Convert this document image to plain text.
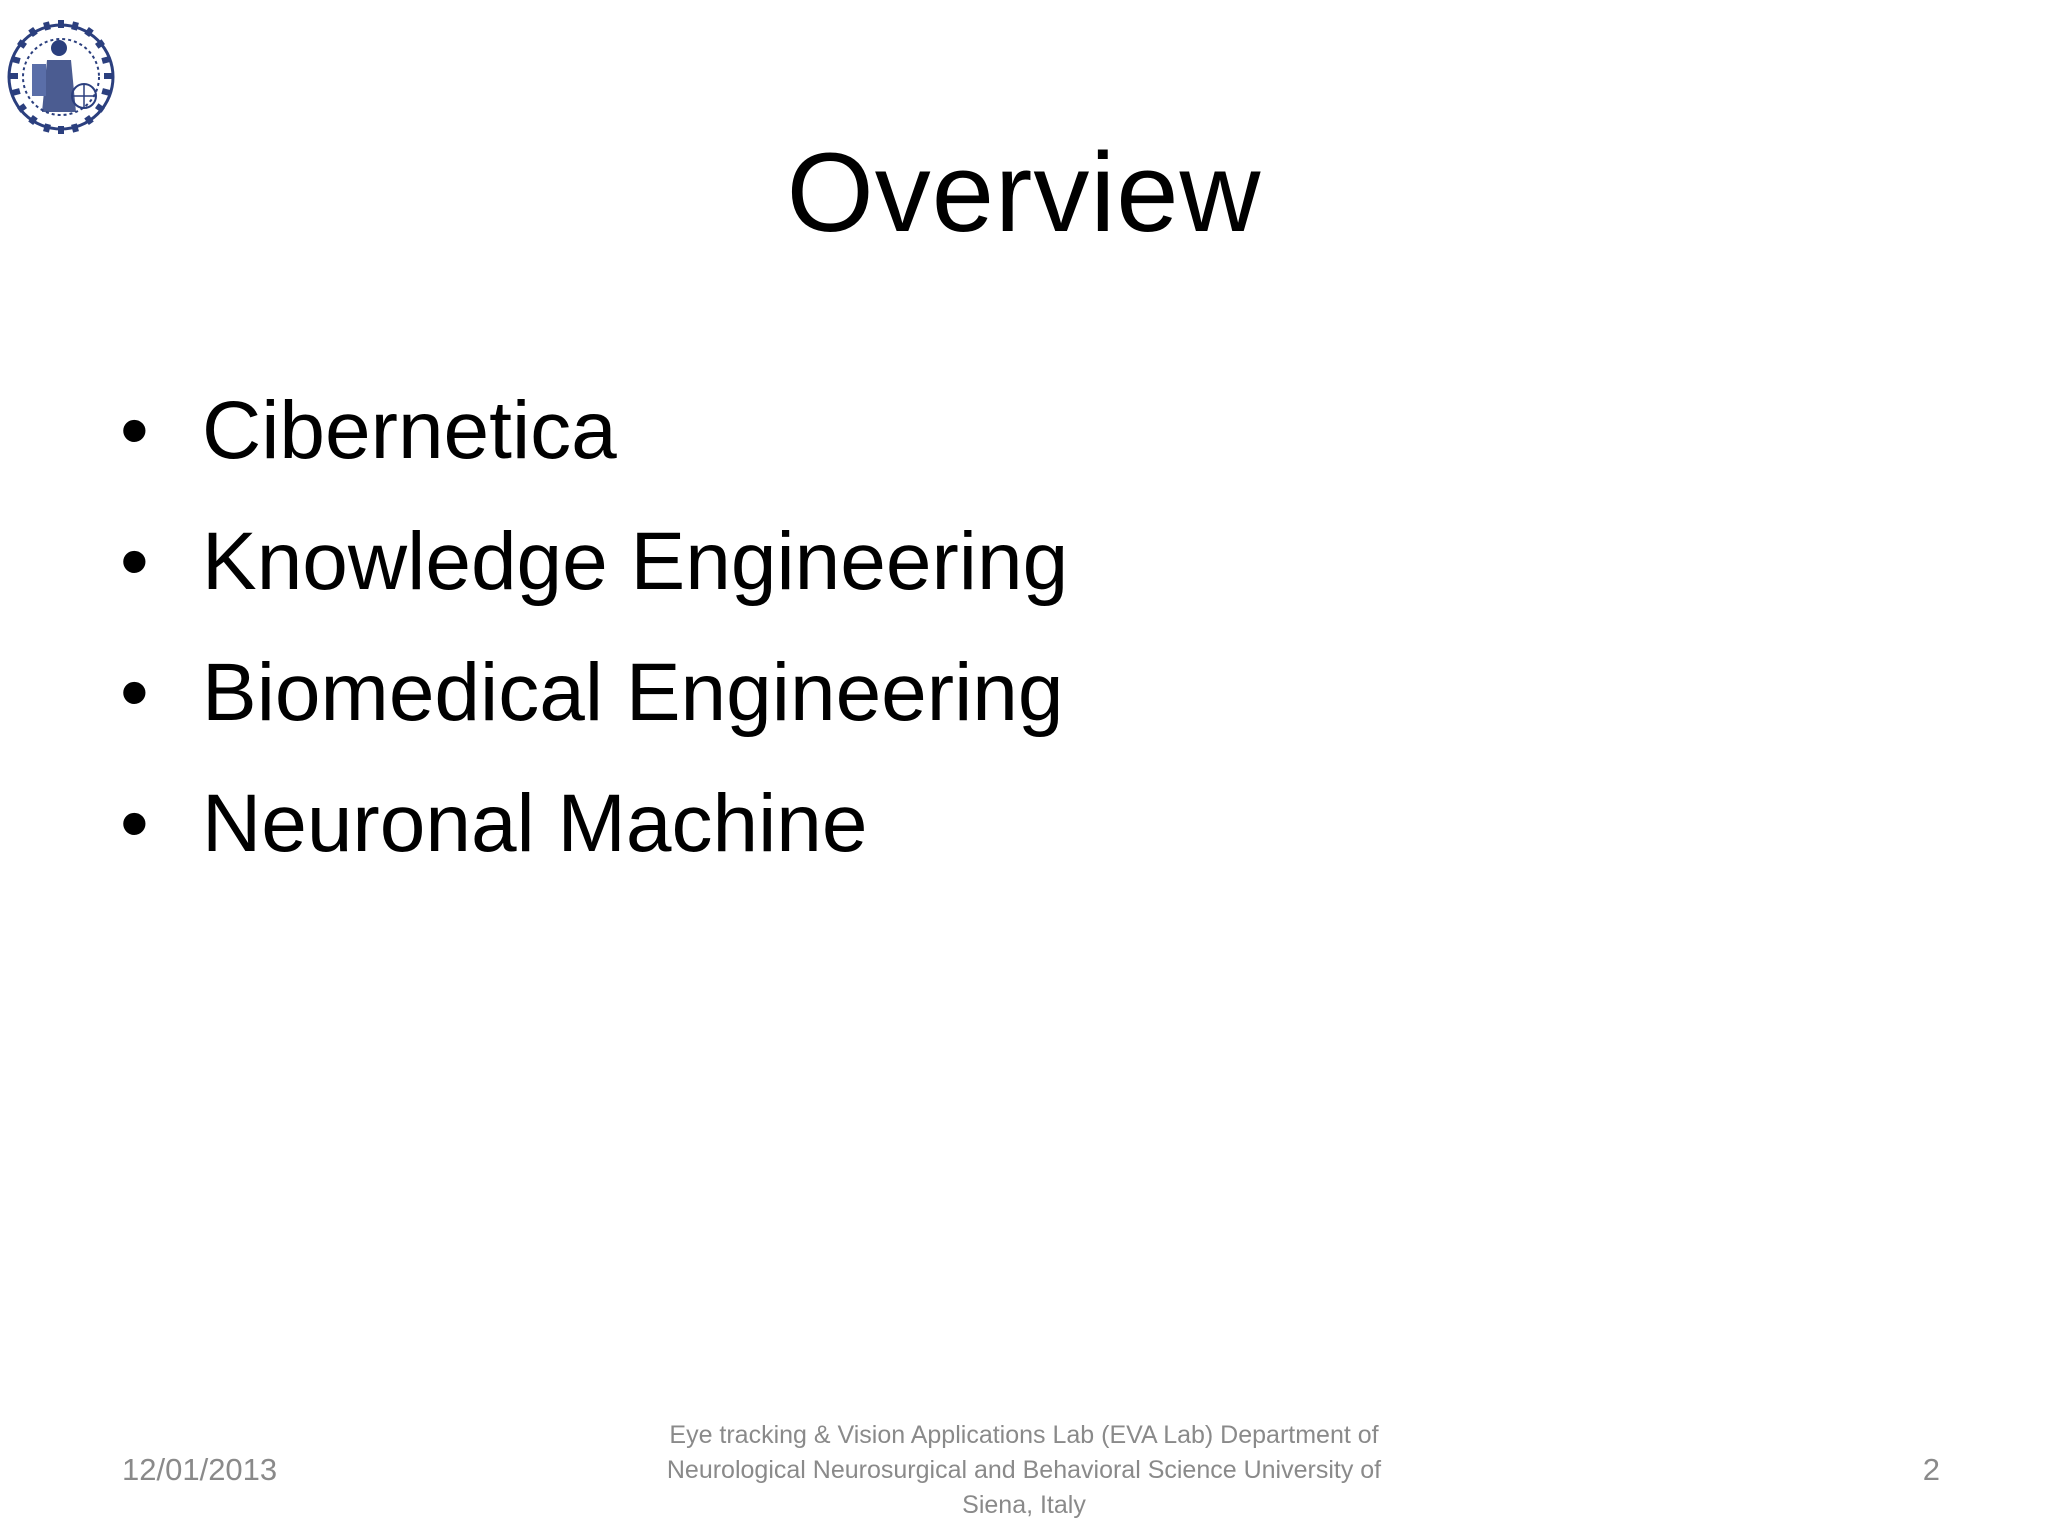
Overview
• Cibernetica
• Knowledge Engineering
• Biomedical Engineering
• Neuronal Machine
12/01/2013
Eye tracking & Vision Applications Lab (EVA Lab) Department of Neurological Neurosurgical and Behavioral Science University of Siena, Italy
2
